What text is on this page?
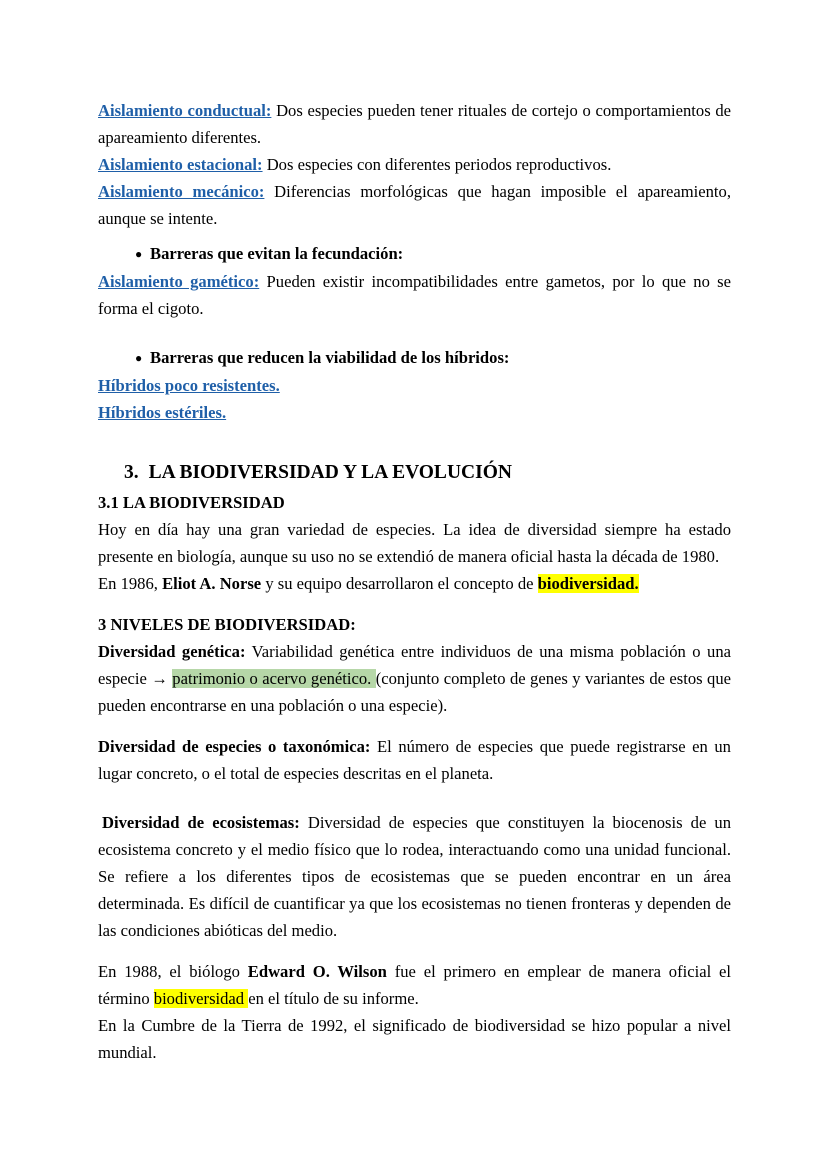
Aislamiento conductual: Dos especies pueden tener rituales de cortejo o comportamientos de apareamiento diferentes.

Aislamiento estacional: Dos especies con diferentes periodos reproductivos.

Aislamiento mecánico: Diferencias morfológicas que hagan imposible el apareamiento, aunque se intente.

● Barreras que evitan la fecundación:

Aislamiento gamético: Pueden existir incompatibilidades entre gametos, por lo que no se forma el cigoto.

● Barreras que reducen la viabilidad de los híbridos:

Híbridos poco resistentes.

Híbridos estériles.

3. LA BIODIVERSIDAD Y LA EVOLUCIÓN

3.1 LA BIODIVERSIDAD

Hoy en día hay una gran variedad de especies. La idea de diversidad siempre ha estado presente en biología, aunque su uso no se extendió de manera oficial hasta la década de 1980.

En 1986, Eliot A. Norse y su equipo desarrollaron el concepto de biodiversidad.

3 NIVELES DE BIODIVERSIDAD:

Diversidad genética: Variabilidad genética entre individuos de una misma población o una especie → patrimonio o acervo genético. (conjunto completo de genes y variantes de estos que pueden encontrarse en una población o una especie).

Diversidad de especies o taxonómica: El número de especies que puede registrarse en un lugar concreto, o el total de especies descritas en el planeta.

Diversidad de ecosistemas: Diversidad de especies que constituyen la biocenosis de un ecosistema concreto y el medio físico que lo rodea, interactuando como una unidad funcional. Se refiere a los diferentes tipos de ecosistemas que se pueden encontrar en un área determinada. Es difícil de cuantificar ya que los ecosistemas no tienen fronteras y dependen de las condiciones abióticas del medio.

En 1988, el biólogo Edward O. Wilson fue el primero en emplear de manera oficial el término biodiversidad en el título de su informe.

En la Cumbre de la Tierra de 1992, el significado de biodiversidad se hizo popular a nivel mundial.
